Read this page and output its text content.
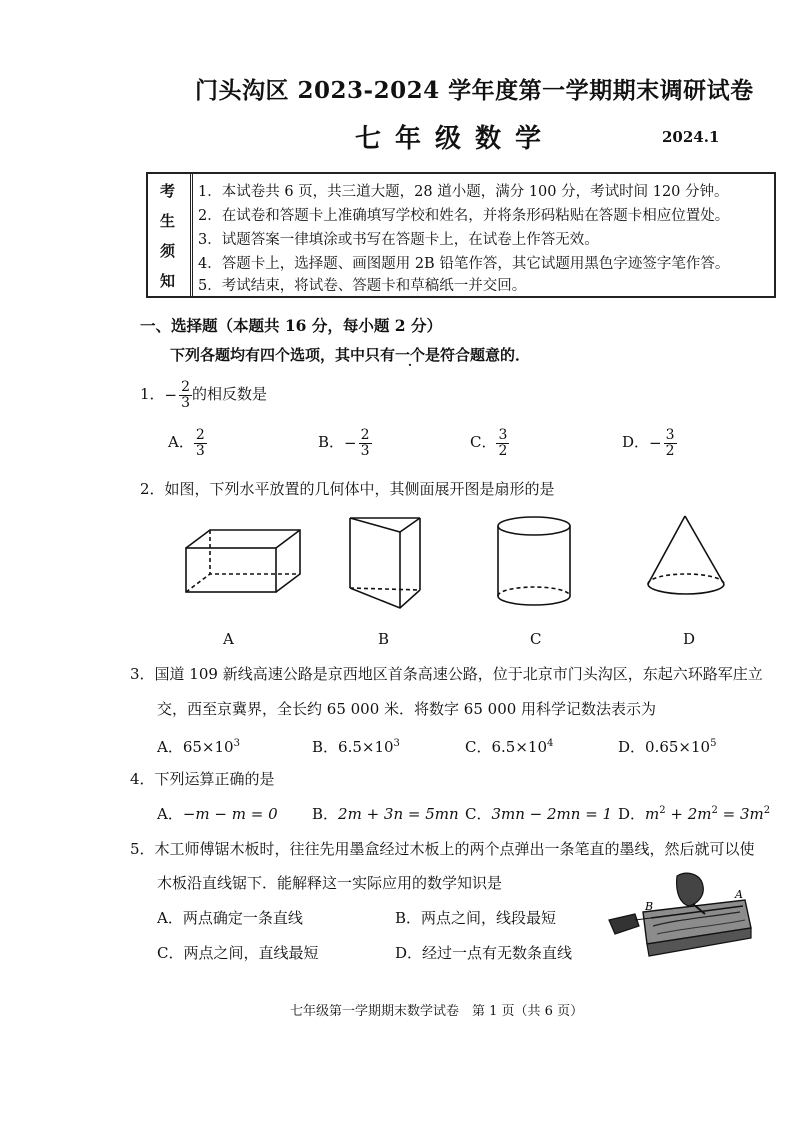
门头沟区 2023-2024 学年度第一学期期末调研试卷
七年级数学	2024.1
考
生
须
知
1．本试卷共 6 页，共三道大题，28 道小题，满分 100 分，考试时间 120 分钟。
2．在试卷和答题卡上准确填写学校和姓名，并将条形码粘贴在答题卡相应位置处。
3．试题答案一律填涂或书写在答题卡上，在试卷上作答无效。
4．答题卡上，选择题、画图题用 2B 铅笔作答，其它试题用黑色字迹签字笔作答。
5．考试结束，将试卷、答题卡和草稿纸一并交回。
一、选择题（本题共 16 分，每小题 2 分）
下列各题均有四个选项，其中只有一个是符合题意的．
1．− $\frac{2}{3}$ 的相反数是
A． $\frac{2}{3}$	B．− $\frac{2}{3}$	C． $\frac{3}{2}$	D．− $\frac{3}{2}$
2．如图，下列水平放置的几何体中，其侧面展开图是扇形的是
A	B	C	D
3．国道 109 新线高速公路是京西地区首条高速公路，位于北京市门头沟区，东起六环路军庄立
交，西至京冀界，全长约 65 000 米．将数字 65 000 用科学记数法表示为
A．$65\times 10^3$	B．$6.5\times 10^3$	C．$6.5\times 10^4$	D．$0.65\times 10^5$
4．下列运算正确的是
A．−m − m = 0 B．2m + 3n = 5mn C．3mn − 2mn = 1 D．$m^2 + 2m^2 = 3m^2$
5．木工师傅锯木板时，往往先用墨盒经过木板上的两个点弹出一条笔直的墨线，然后就可以使
木板沿直线锯下．能解释这一实际应用的数学知识是
A．两点确定一条直线	B．两点之间，线段最短
C．两点之间，直线最短	D．经过一点有无数条直线
A
B
七年级第一学期期末数学试卷　第 1 页（共 6 页）
